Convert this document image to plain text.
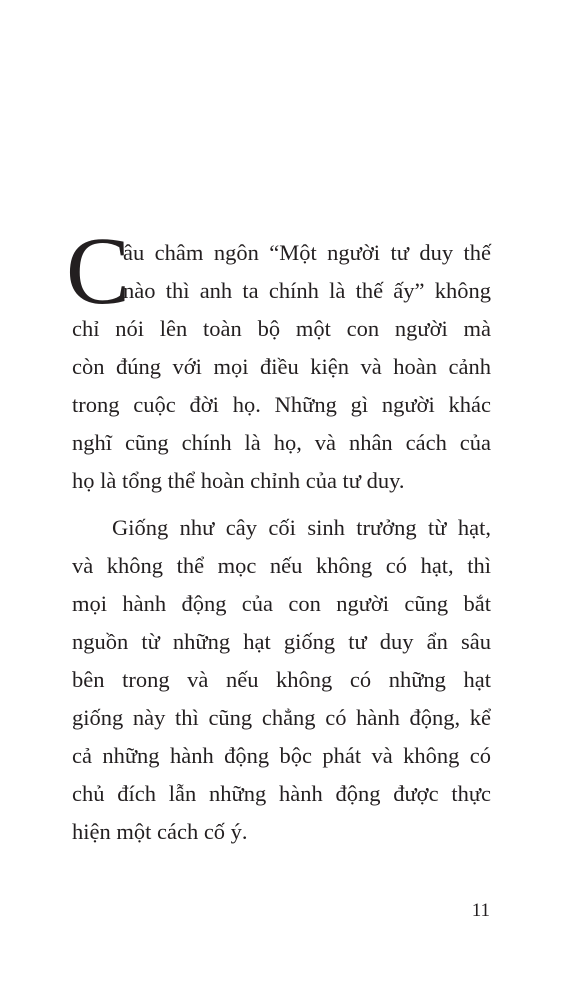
C
âu châm ngôn “Một người tư duy thế
nào thì anh ta chính là thế ấy” không
chỉ nói lên toàn bộ một con người mà
còn đúng với mọi điều kiện và hoàn cảnh
trong cuộc đời họ. Những gì người khác
nghĩ cũng chính là họ, và nhân cách của
họ là tổng thể hoàn chỉnh của tư duy.
Giống như cây cối sinh trưởng từ hạt,
và không thể mọc nếu không có hạt, thì
mọi hành động của con người cũng bắt
nguồn từ những hạt giống tư duy ẩn sâu
bên trong và nếu không có những hạt
giống này thì cũng chẳng có hành động, kể
cả những hành động bộc phát và không có
chủ đích lẫn những hành động được thực
hiện một cách cố ý.
11
